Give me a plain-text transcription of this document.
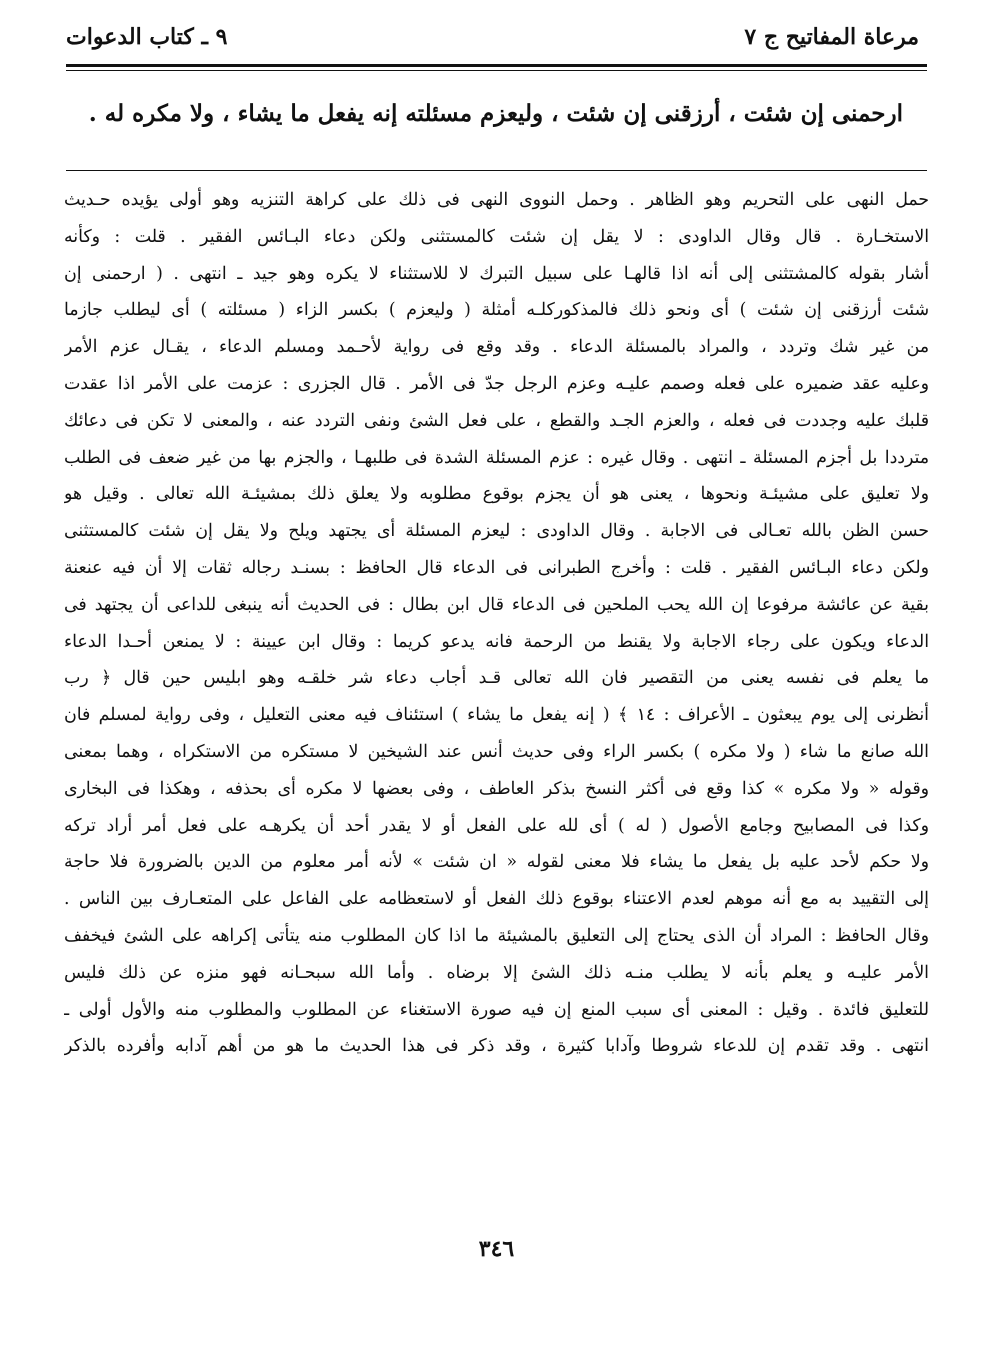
مرعاة المفاتيح ج ٧
٩ ـ كتاب الدعوات
ارحمنى إن شئت ، أرزقنى إن شئت ، وليعزم مسئلته إنه يفعل ما يشاء ، ولا مكره له .
حمل النهى على التحريم وهو الظاهر . وحمل النووى النهى فى ذلك على كراهة التنزيه وهو أولى يؤيده حـديث
الاستخـارة . قال وقال الداودى : لا يقل إن شئت كالمستثنى ولكن دعاء البـائس الفقير . قلت : وكأنه
أشار بقوله كالمشتثنى إلى أنه اذا قالهـا على سبيل التبرك لا للاستثناء لا يكره وهو جيد ـ انتهى . ( ارحمنى إن
شئت أرزقنى إن شئت ) أى ونحو ذلك فالمذكوركلـه أمثلة ( وليعزم ) بكسر الزاء ( مسئلته ) أى ليطلب جازما
من غير شك وتردد ، والمراد بالمسئلة الدعاء . وقد وقع فى رواية لأحـمد ومسلم الدعاء ، يقـال عزم الأمر
وعليه عقد ضميره على فعله وصمم عليـه وعزم الرجل جدّ فى الأمر . قال الجزرى : عزمت على الأمر اذا عقدت
قلبك عليه وجددت فى فعله ، والعزم الجـد والقطع ، على فعل الشئ ونفى التردد عنه ، والمعنى لا تكن فى دعائك
مترددا بل أجزم المسئلة ـ انتهى . وقال غيره : عزم المسئلة الشدة فى طلبهـا ، والجزم بها من غير ضعف فى الطلب
ولا تعليق على مشيئـة ونحوها ، يعنى هو أن يجزم بوقوع مطلوبه ولا يعلق ذلك بمشيئـة الله تعالى . وقيل هو
حسن الظن بالله تعـالى فى الاجابة . وقال الداودى : ليعزم المسئلة أى يجتهد ويلح ولا يقل إن شئت كالمستثنى
ولكن دعاء البـائس الفقير . قلت : وأخرج الطبرانى فى الدعاء قال الحافظ : بسنـد رجاله ثقات إلا أن فيه عنعنة
بقية عن عائشة مرفوعا إن الله يحب الملحين فى الدعاء قال ابن بطال : فى الحديث أنه ينبغى للداعى أن يجتهد فى
الدعاء ويكون على رجاء الاجابة ولا يقنط من الرحمة فانه يدعو كريما : وقال ابن عيينة : لا يمنعن أحـدا الدعاء
ما يعلم فى نفسه يعنى من التقصير فان الله تعالى قـد أجاب دعاء شر خلقـه وهو ابليس حين قال ﴿ رب
أنظرنى إلى يوم يبعثون ـ الأعراف : ١٤ ﴾ ( إنه يفعل ما يشاء ) استئناف فيه معنى التعليل ، وفى رواية لمسلم فان
الله صانع ما شاء ( ولا مكره ) بكسر الراء وفى حديث أنس عند الشيخين لا مستكره من الاستكراه ، وهما بمعنى
وقوله « ولا مكره » كذا وقع فى أكثر النسخ بذكر العاطف ، وفى بعضها لا مكره أى بحذفه ، وهكذا فى البخارى
وكذا فى المصابيح وجامع الأصول ( له ) أى لله على الفعل أو لا يقدر أحد أن يكرهـه على فعل أمر أراد تركه
ولا حكم لأحد عليه بل يفعل ما يشاء فلا معنى لقوله « ان شئت » لأنه أمر معلوم من الدين بالضرورة فلا حاجة
إلى التقييد به مع أنه موهم لعدم الاعتناء بوقوع ذلك الفعل أو لاستعظامه على الفاعل على المتعـارف بين الناس .
وقال الحافظ : المراد أن الذى يحتاج إلى التعليق بالمشيئة ما اذا كان المطلوب منه يتأتى إكراهه على الشئ فيخفف
الأمر عليـه و يعلم بأنه لا يطلب منـه ذلك الشئ إلا برضاه . وأما الله سبحـانه فهو منزه عن ذلك فليس
للتعليق فائدة . وقيل : المعنى أى سبب المنع إن فيه صورة الاستغناء عن المطلوب والمطلوب منه والأول أولى ـ
انتهى . وقد تقدم إن للدعاء شروطا وآدابا كثيرة ، وقد ذكر فى هذا الحديث ما هو من أهم آدابه وأفرده بالذكر
٣٤٦
